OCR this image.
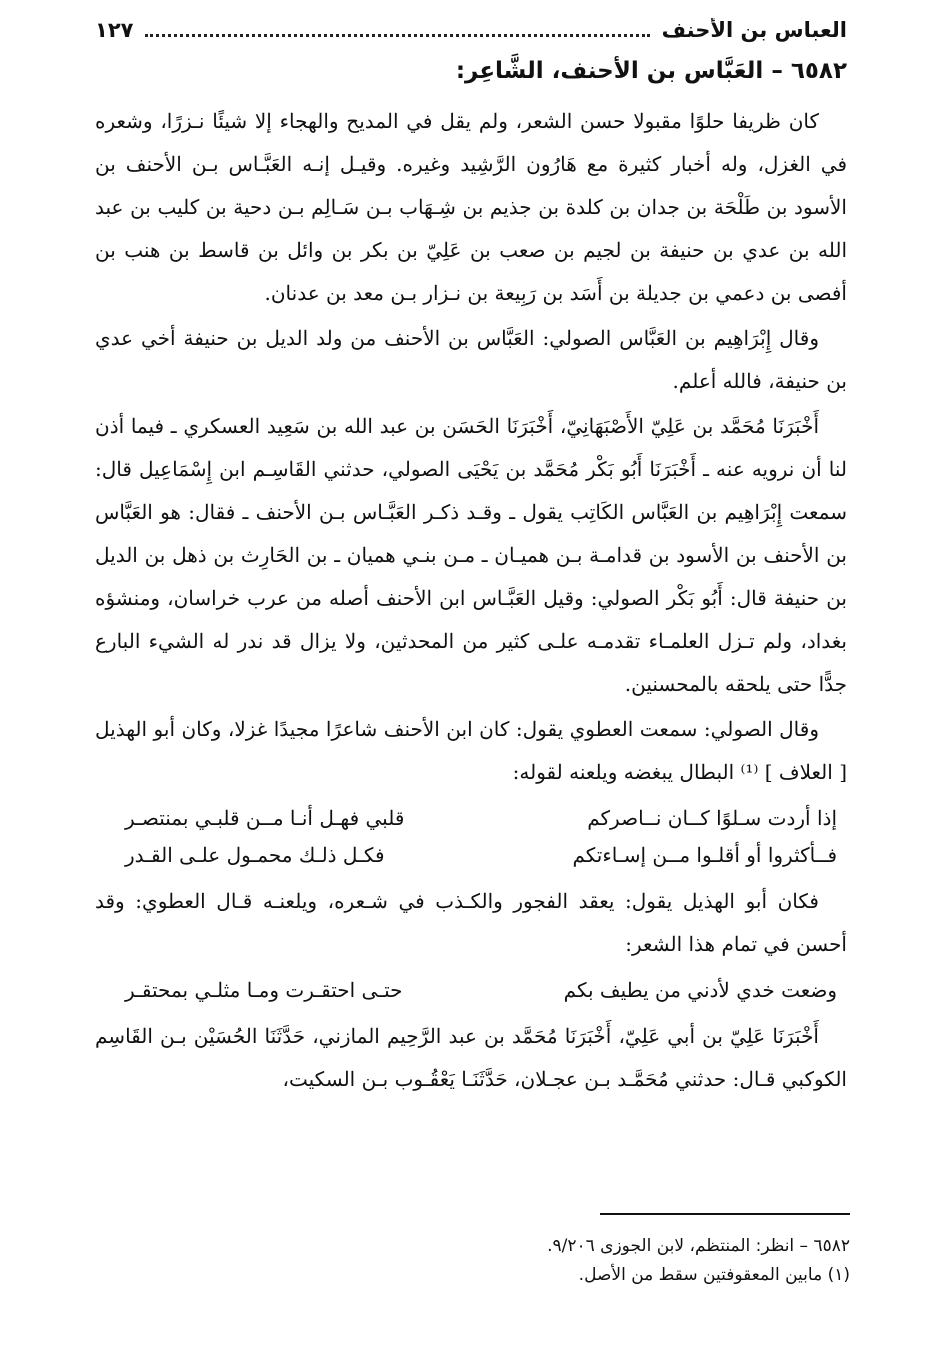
العباس بن الأحنف
١٢٧
٦٥٨٢ – العَبَّاس بن الأحنف، الشَّاعِر:

كان ظريفا حلوًا مقبولا حسن الشعر، ولم يقل في المديح والهجاء إلا شيئًا نـزرًا، وشعره في الغزل، وله أخبار كثيرة مع هَارُون الرَّشِيد وغيره. وقيـل إنـه العَبَّـاس بـن الأحنف بن الأسود بن طَلْحَة بن جدان بن كلدة بن جذيم بن شِـهَاب بـن سَـالِم بـن دحية بن كليب بن عبد الله بن عدي بن حنيفة بن لجيم بن صعب بن عَلِيّ بن بكر بن وائل بن قاسط بن هنب بن أفصى بن دعمي بن جديلة بن أَسَد بن رَبِيعة بن نـزار بـن معد بن عدنان.

وقال إِبْرَاهِيم بن العَبَّاس الصولي: العَبَّاس بن الأحنف من ولد الديل بن حنيفة أخي عدي بن حنيفة، فالله أعلم.

أَخْبَرَنَا مُحَمَّد بن عَلِيّ الأَصْبَهَانِيّ، أَخْبَرَنَا الحَسَن بن عبد الله بن سَعِيد العسكري ـ فيما أذن لنا أن نرويه عنه ـ أَخْبَرَنَا أَبُو بَكْر مُحَمَّد بن يَحْيَى الصولي، حدثني القَاسِـم ابن إِسْمَاعِيل قال: سمعت إِبْرَاهِيم بن العَبَّاس الكَاتِب يقول ـ وقـد ذكـر العَبَّـاس بـن الأحنف ـ فقال: هو العَبَّاس بن الأحنف بن الأسود بن قدامـة بـن هميـان ـ مـن بنـي هميان ـ بن الحَارِث بن ذهل بن الديل بن حنيفة قال: أَبُو بَكْر الصولي: وقيل العَبَّـاس ابن الأحنف أصله من عرب خراسان، ومنشؤه بغداد، ولم تـزل العلمـاء تقدمـه علـى كثير من المحدثين، ولا يزال قد ندر له الشيء البارع جدًّا حتى يلحقه بالمحسنين.

وقال الصولي: سمعت العطوي يقول: كان ابن الأحنف شاعرًا مجيدًا غزلا، وكان أبو الهذيل [ العلاف ] ⁽¹⁾ البطال يبغضه ويلعنه لقوله:

إذا أردت سـلوًا كــان نــاصركم
قلبي فهـل أنـا مــن قلبـي بمنتصـر
فــأكثروا أو أقلـوا مــن إسـاءتكم
فكـل ذلـك محمـول علـى القـدر

فكان أبو الهذيل يقول: يعقد الفجور والكـذب في شـعره، ويلعنـه قـال العطوي: وقد أحسن في تمام هذا الشعر:

وضعت خدي لأدني من يطيف بكم
حتـى احتقـرت ومـا مثلـي بمحتقـر

أَخْبَرَنَا عَلِيّ بن أبي عَلِيّ، أَخْبَرَنَا مُحَمَّد بن عبد الرَّحِيم المازني، حَدَّثَنَا الحُسَيْن بـن القَاسِم الكوكبي قـال: حدثني مُحَمَّـد بـن عجـلان، حَدَّثَنَـا يَعْقُـوب بـن السكيت،

٦٥٨٢ – انظر: المنتظم، لابن الجوزى ٩/٢٠٦.
(١) مابين المعقوفتين سقط من الأصل.
